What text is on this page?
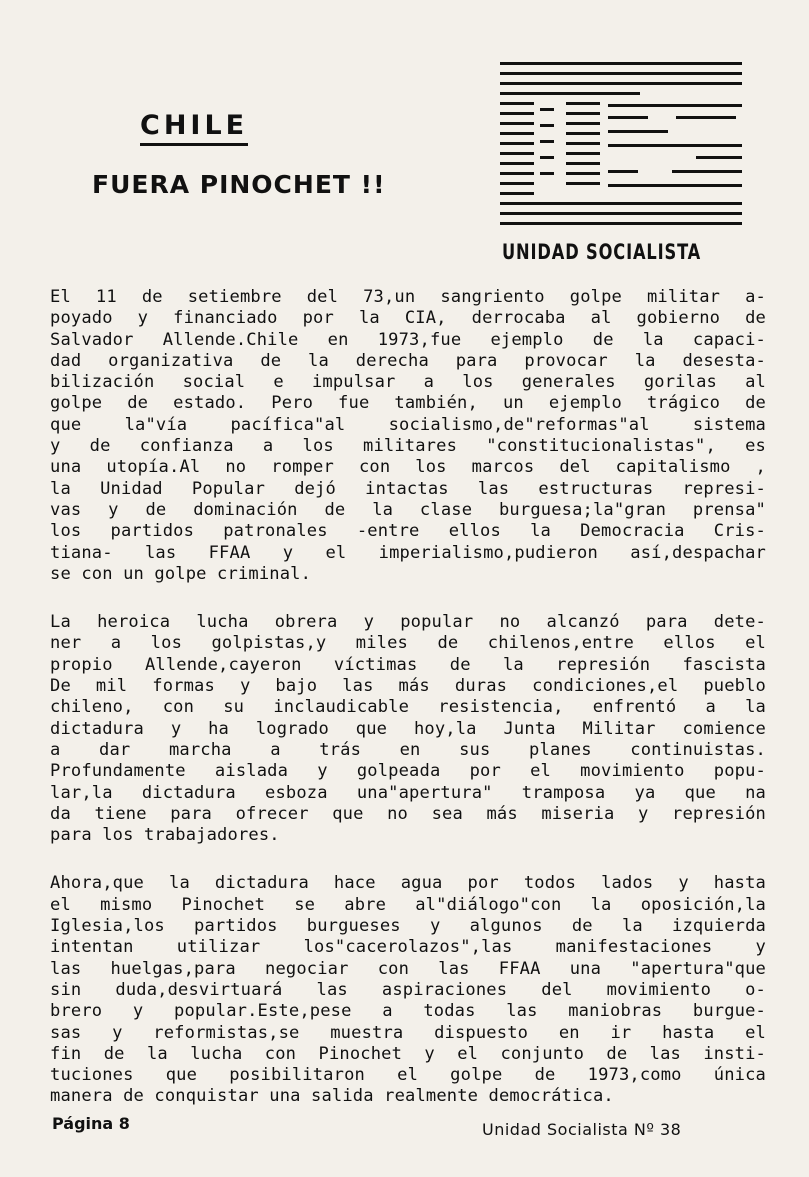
CHILE
FUERA PINOCHET !!
UNIDAD SOCIALISTA

El 11 de setiembre del 73,un sangriento golpe militar a-
poyado y financiado por la CIA, derrocaba al gobierno de
Salvador Allende.Chile en 1973,fue ejemplo de la capaci-
dad organizativa de la derecha para provocar la desesta-
bilización social e impulsar a los generales gorilas al
golpe de estado. Pero fue también, un ejemplo trágico de
que la"vía pacífica"al socialismo,de"reformas"al sistema
y de confianza a los militares "constitucionalistas", es
una utopía.Al no romper con los marcos del capitalismo ,
la Unidad Popular dejó intactas las estructuras represi-
vas y de dominación de la clase burguesa;la"gran prensa"
los partidos patronales -entre ellos la Democracia Cris-
tiana- las FFAA y el imperialismo,pudieron así,despachar
se con un golpe criminal.

La heroica lucha obrera y popular no alcanzó para dete-
ner a los golpistas,y miles de chilenos,entre ellos el
propio Allende,cayeron víctimas de la represión fascista
De mil formas y bajo las más duras condiciones,el pueblo
chileno, con su inclaudicable resistencia, enfrentó a la
dictadura y ha logrado que hoy,la Junta Militar comience
a dar marcha a trás en sus planes continuistas.
Profundamente aislada y golpeada por el movimiento popu-
lar,la dictadura esboza una"apertura" tramposa ya que na
da tiene para ofrecer que no sea más miseria y represión
para los trabajadores.

Ahora,que la dictadura hace agua por todos lados y hasta
el mismo Pinochet se abre al"diálogo"con la oposición,la
Iglesia,los partidos burgueses y algunos de la izquierda
intentan utilizar los"cacerolazos",las manifestaciones y
las huelgas,para negociar con las FFAA una "apertura"que
sin duda,desvirtuará las aspiraciones del movimiento o-
brero y popular.Este,pese a todas las maniobras burgue-
sas y reformistas,se muestra dispuesto en ir hasta el
fin de la lucha con Pinochet y el conjunto de las insti-
tuciones que posibilitaron el golpe de 1973,como única
manera de conquistar una salida realmente democrática.

Página 8	Unidad Socialista Nº 38
